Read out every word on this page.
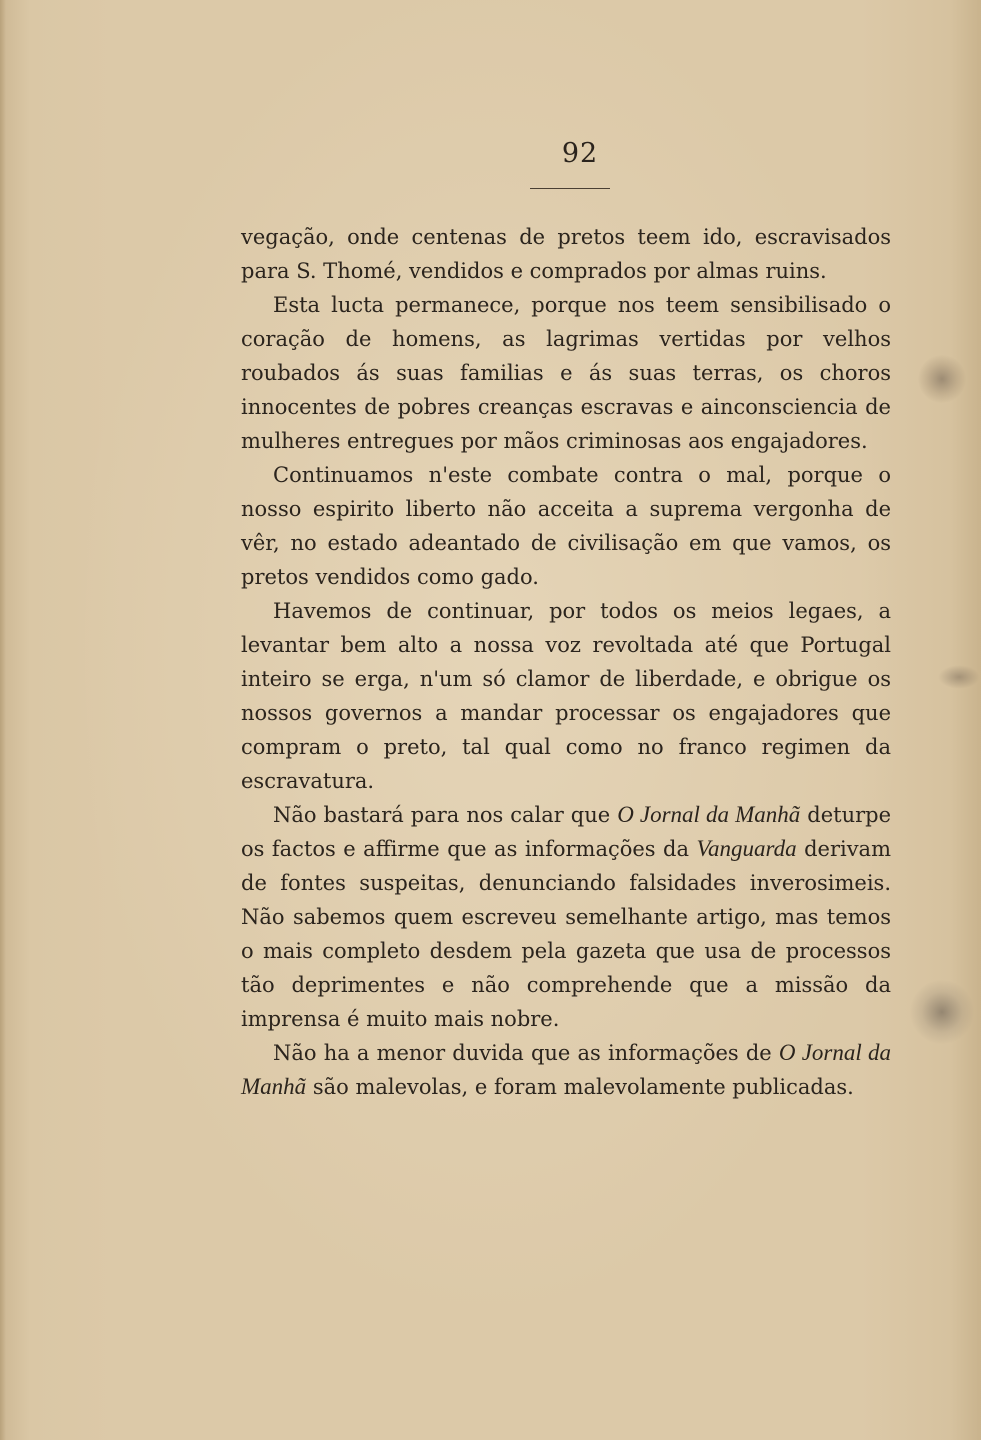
92

vegação, onde centenas de pretos teem ido, escravisados para S. Thomé, vendidos e comprados por almas ruins.

Esta lucta permanece, porque nos teem sensibilisado o coração de homens, as lagrimas vertidas por velhos roubados ás suas familias e ás suas terras, os choros innocentes de pobres creanças escravas e ainconsciencia de mulheres entregues por mãos criminosas aos engajadores.

Continuamos n'este combate contra o mal, porque o nosso espirito liberto não acceita a suprema vergonha de vêr, no estado adeantado de civilisação em que vamos, os pretos vendidos como gado.

Havemos de continuar, por todos os meios legaes, a levantar bem alto a nossa voz revoltada até que Portugal inteiro se erga, n'um só clamor de liberdade, e obrigue os nossos governos a mandar processar os engajadores que compram o preto, tal qual como no franco regimen da escravatura.

Não bastará para nos calar que O Jornal da Manhã deturpe os factos e affirme que as informações da Vanguarda derivam de fontes suspeitas, denunciando falsidades inverosimeis. Não sabemos quem escreveu semelhante artigo, mas temos o mais completo desdem pela gazeta que usa de processos tão deprimentes e não comprehende que a missão da imprensa é muito mais nobre.

Não ha a menor duvida que as informações de O Jornal da Manhã são malevolas, e foram malevolamente publicadas.
